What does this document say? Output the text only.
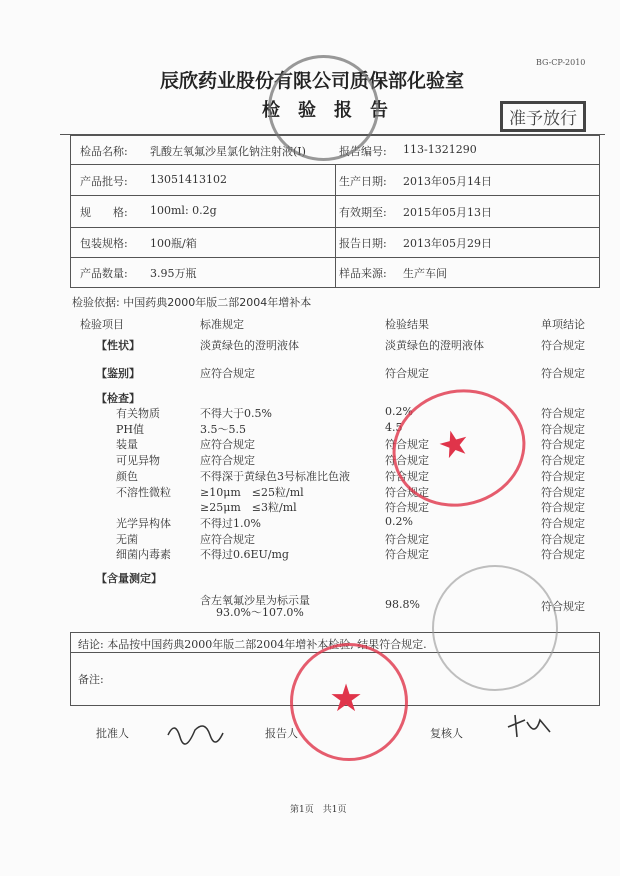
BG-CP-2010
辰欣药业股份有限公司质保部化验室
检验报告	准予放行
检品名称: 乳酸左氧氟沙星氯化钠注射液(Ⅰ)	报告编号: 113-1321290
产品批号: 13051413102	生产日期: 2013年05月14日
规　　格: 100ml: 0.2g	有效期至: 2015年05月13日
包装规格: 100瓶/箱	报告日期: 2013年05月29日
产品数量: 3.95万瓶	样品来源: 生产车间
检验依据: 中国药典2000年版二部2004年增补本
检验项目	标准规定	检验结果	单项结论
【性状】	淡黄绿色的澄明液体	淡黄绿色的澄明液体	符合规定
【鉴别】	应符合规定	符合规定	符合规定
【检查】
有关物质	不得大于0.5%	0.2%	符合规定
PH值	3.5～5.5	4.5	符合规定
装量	应符合规定	符合规定	符合规定
可见异物	应符合规定	符合规定	符合规定
颜色	不得深于黄绿色3号标准比色液	符合规定	符合规定
不溶性微粒	≥10μm　≤25粒/ml	符合规定	符合规定
≥25μm　≤3粒/ml	符合规定	符合规定
光学异构体	不得过1.0%	0.2%	符合规定
无菌	应符合规定	符合规定	符合规定
细菌内毒素	不得过0.6EU/mg	符合规定	符合规定
【含量测定】
含左氧氟沙星为标示量
93.0%～107.0%
98.8%	符合规定
结论: 本品按中国药典2000年版二部2004年增补本检验, 结果符合规定.
备注:
批准人	报告人	复核人
第1页　共1页
★
★
